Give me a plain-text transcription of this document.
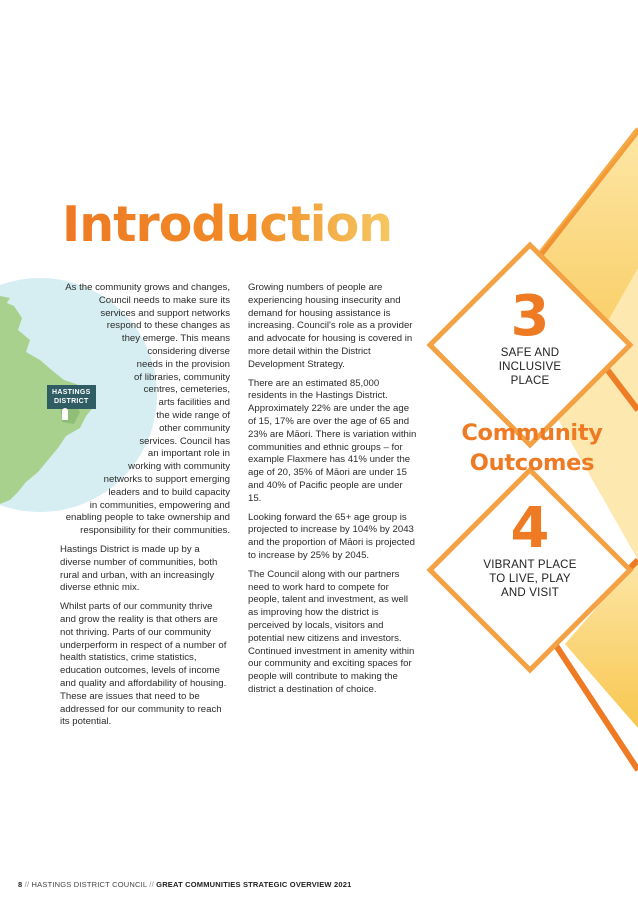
Introduction
HASTINGS
DISTRICT

As the community grows and changes,
Council needs to make sure its
services and support networks
respond to these changes as
they emerge. This means
considering diverse
needs in the provision
of libraries, community
centres, cemeteries,
arts facilities and
the wide range of
other community
services. Council has
an important role in
working with community
networks to support emerging
leaders and to build capacity
in communities, empowering and
enabling people to take ownership and
responsibility for their communities.

Hastings District is made up by a diverse number of communities, both rural and urban, with an increasingly diverse ethnic mix.

Whilst parts of our community thrive and grow the reality is that others are not thriving. Parts of our community underperform in respect of a number of health statistics, crime statistics, education outcomes, levels of income and quality and affordability of housing. These are issues that need to be addressed for our community to reach its potential.

Growing numbers of people are experiencing housing insecurity and demand for housing assistance is increasing. Council's role as a provider and advocate for housing is covered in more detail within the District Development Strategy.

There are an estimated 85,000 residents in the Hastings District. Approximately 22% are under the age of 15, 17% are over the age of 65 and 23% are Māori. There is variation within communities and ethnic groups – for example Flaxmere has 41% under the age of 20, 35% of Māori are under 15 and 40% of Pacific people are under 15.

Looking forward the 65+ age group is projected to increase by 104% by 2043 and the proportion of Māori is projected to increase by 25% by 2045.

The Council along with our partners need to work hard to compete for people, talent and investment, as well as improving how the district is perceived by locals, visitors and potential new citizens and investors. Continued investment in amenity within our community and exciting spaces for people will contribute to making the district a destination of choice.

3
SAFE AND
INCLUSIVE
PLACE
Community
Outcomes
4
VIBRANT PLACE
TO LIVE, PLAY
AND VISIT
8 // HASTINGS DISTRICT COUNCIL // GREAT COMMUNITIES STRATEGIC OVERVIEW 2021
